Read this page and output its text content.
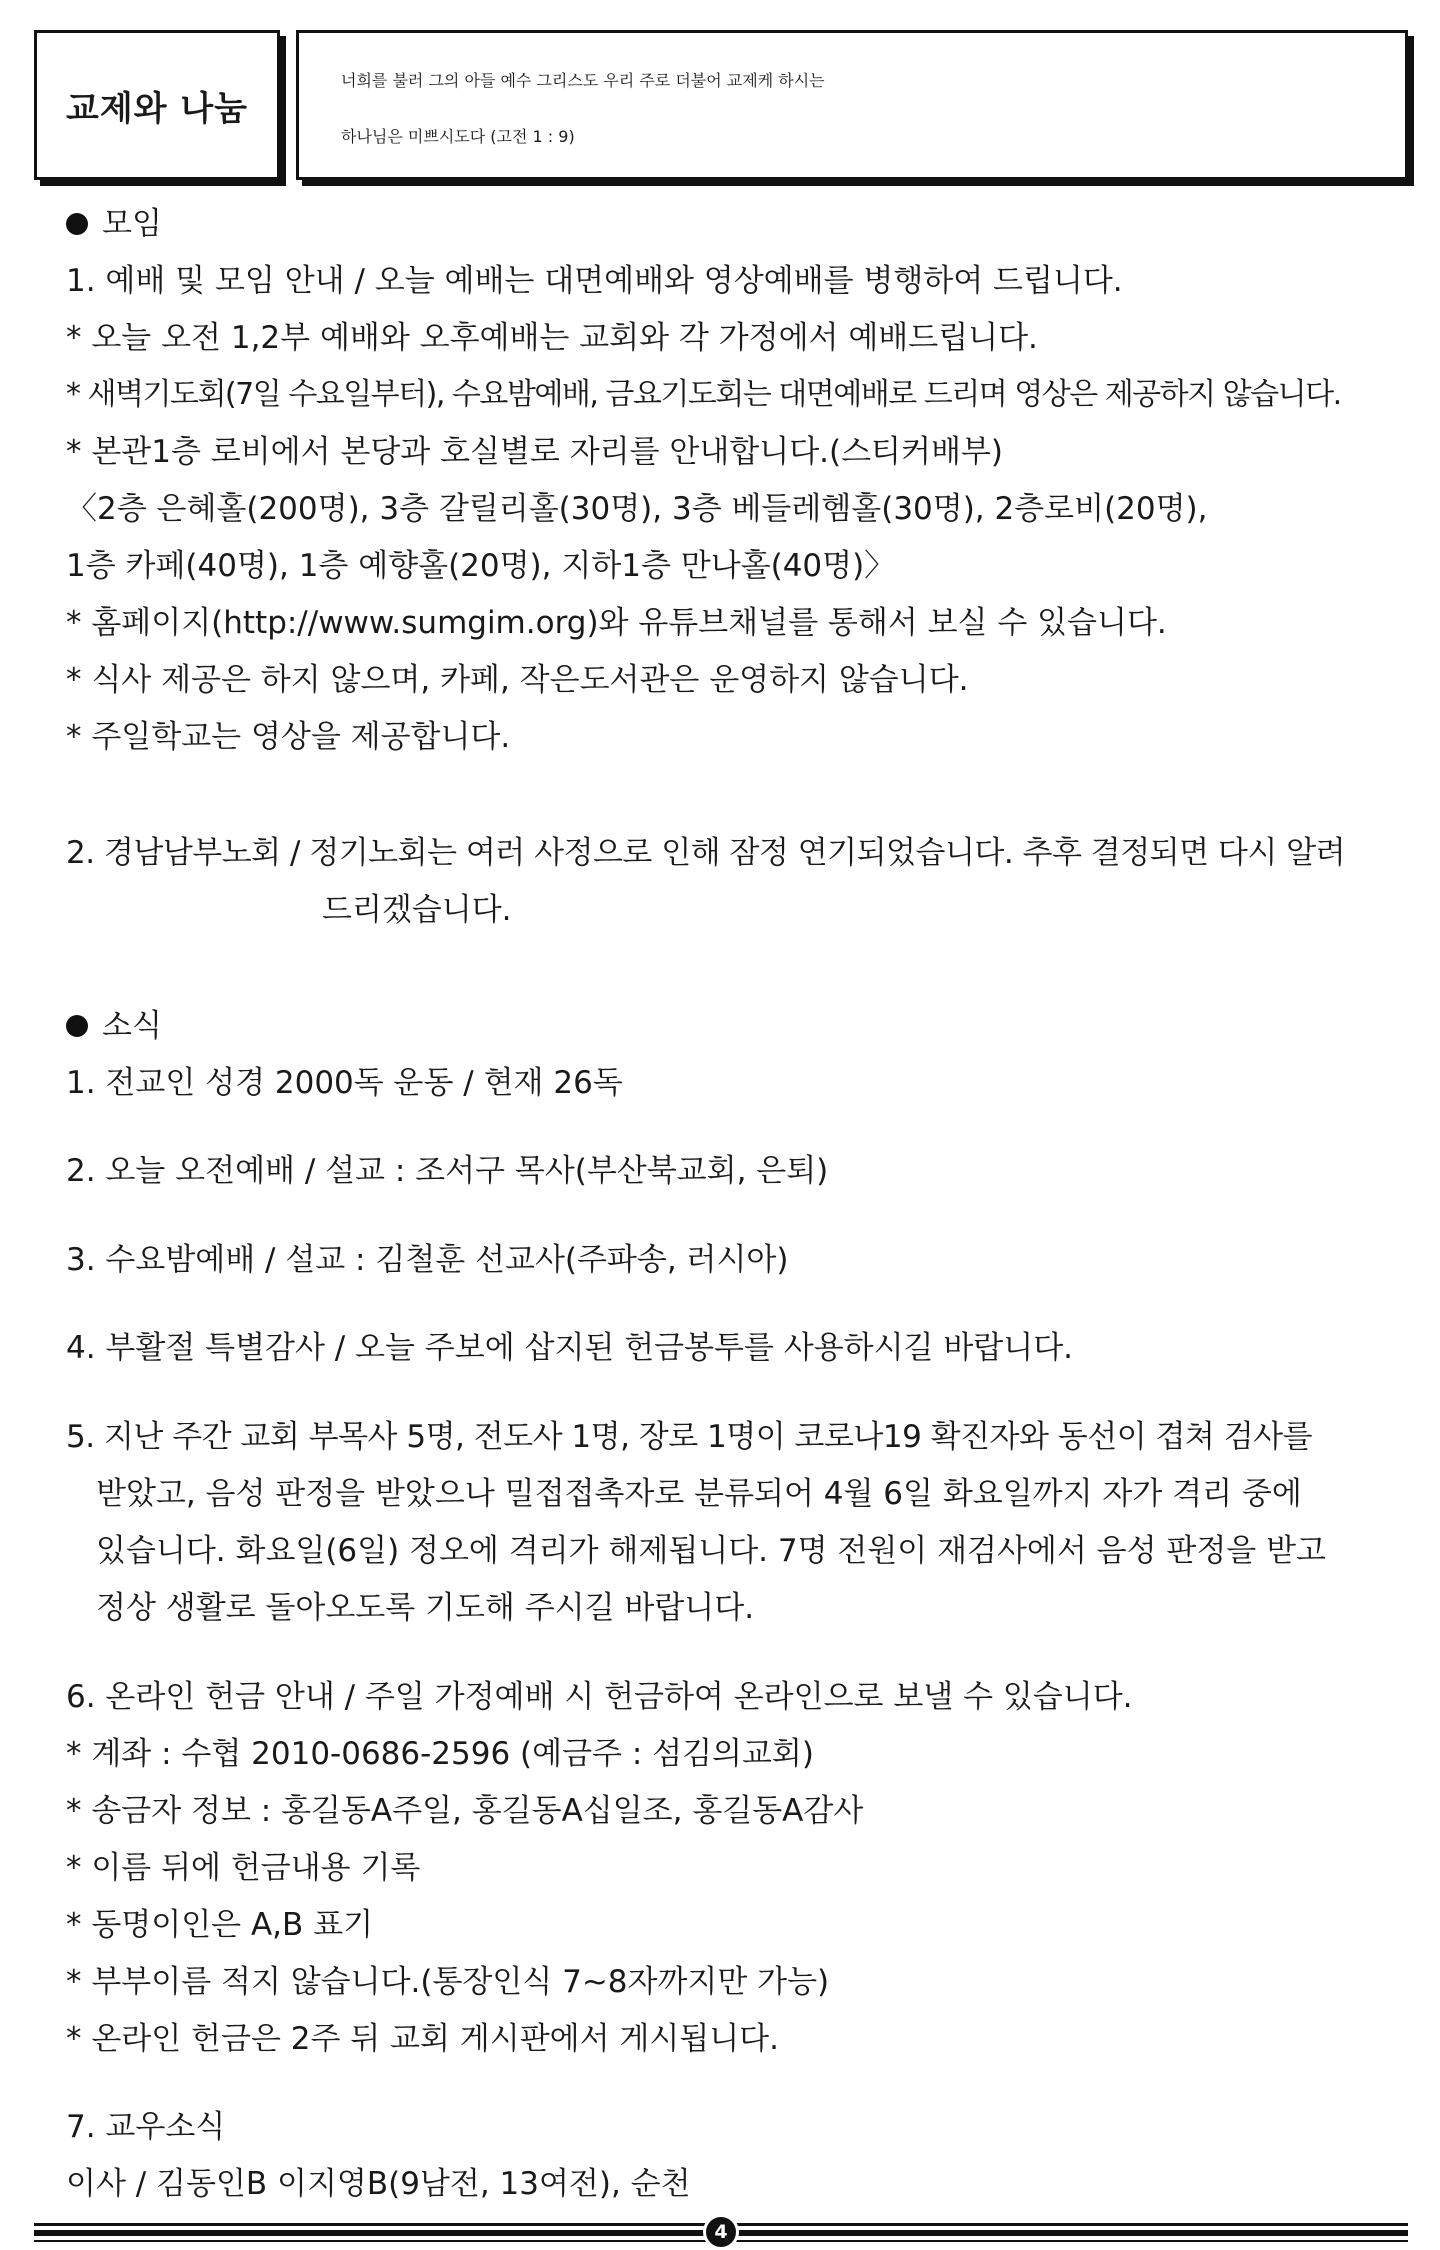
교제와 나눔
너희를 불러 그의 아들 예수 그리스도 우리 주로 더불어 교제케 하시는
하나님은 미쁘시도다 (고전 1 : 9)
모임
1. 예배 및 모임 안내 / 오늘 예배는 대면예배와 영상예배를 병행하여 드립니다.
* 오늘 오전 1,2부 예배와 오후예배는 교회와 각 가정에서 예배드립니다.
* 새벽기도회(7일 수요일부터), 수요밤예배, 금요기도회는 대면예배로 드리며 영상은 제공하지 않습니다.
* 본관1층 로비에서 본당과 호실별로 자리를 안내합니다.(스티커배부)
〈2층 은혜홀(200명), 3층 갈릴리홀(30명), 3층 베들레헴홀(30명), 2층로비(20명),
1층 카페(40명), 1층 예향홀(20명), 지하1층 만나홀(40명)〉
* 홈페이지(http://www.sumgim.org)와 유튜브채널를 통해서 보실 수 있습니다.
* 식사 제공은 하지 않으며, 카페, 작은도서관은 운영하지 않습니다.
* 주일학교는 영상을 제공합니다.
2. 경남남부노회 / 정기노회는 여러 사정으로 인해 잠정 연기되었습니다. 추후 결정되면 다시 알려
드리겠습니다.
소식
1. 전교인 성경 2000독 운동 / 현재 26독
2. 오늘 오전예배 / 설교 : 조서구 목사(부산북교회, 은퇴)
3. 수요밤예배 / 설교 : 김철훈 선교사(주파송, 러시아)
4. 부활절 특별감사 / 오늘 주보에 삽지된 헌금봉투를 사용하시길 바랍니다.
5. 지난 주간 교회 부목사 5명, 전도사 1명, 장로 1명이 코로나19 확진자와 동선이 겹쳐 검사를
받았고, 음성 판정을 받았으나 밀접접촉자로 분류되어 4월 6일 화요일까지 자가 격리 중에
있습니다. 화요일(6일) 정오에 격리가 해제됩니다. 7명 전원이 재검사에서 음성 판정을 받고
정상 생활로 돌아오도록 기도해 주시길 바랍니다.
6. 온라인 헌금 안내 / 주일 가정예배 시 헌금하여 온라인으로 보낼 수 있습니다.
* 계좌 : 수협 2010-0686-2596 (예금주 : 섬김의교회)
* 송금자 정보 : 홍길동A주일, 홍길동A십일조, 홍길동A감사
* 이름 뒤에 헌금내용 기록
* 동명이인은 A,B 표기
* 부부이름 적지 않습니다.(통장인식 7∼8자까지만 가능)
* 온라인 헌금은 2주 뒤 교회 게시판에서 게시됩니다.
7. 교우소식
이사 / 김동인B 이지영B(9남전, 13여전), 순천
4
